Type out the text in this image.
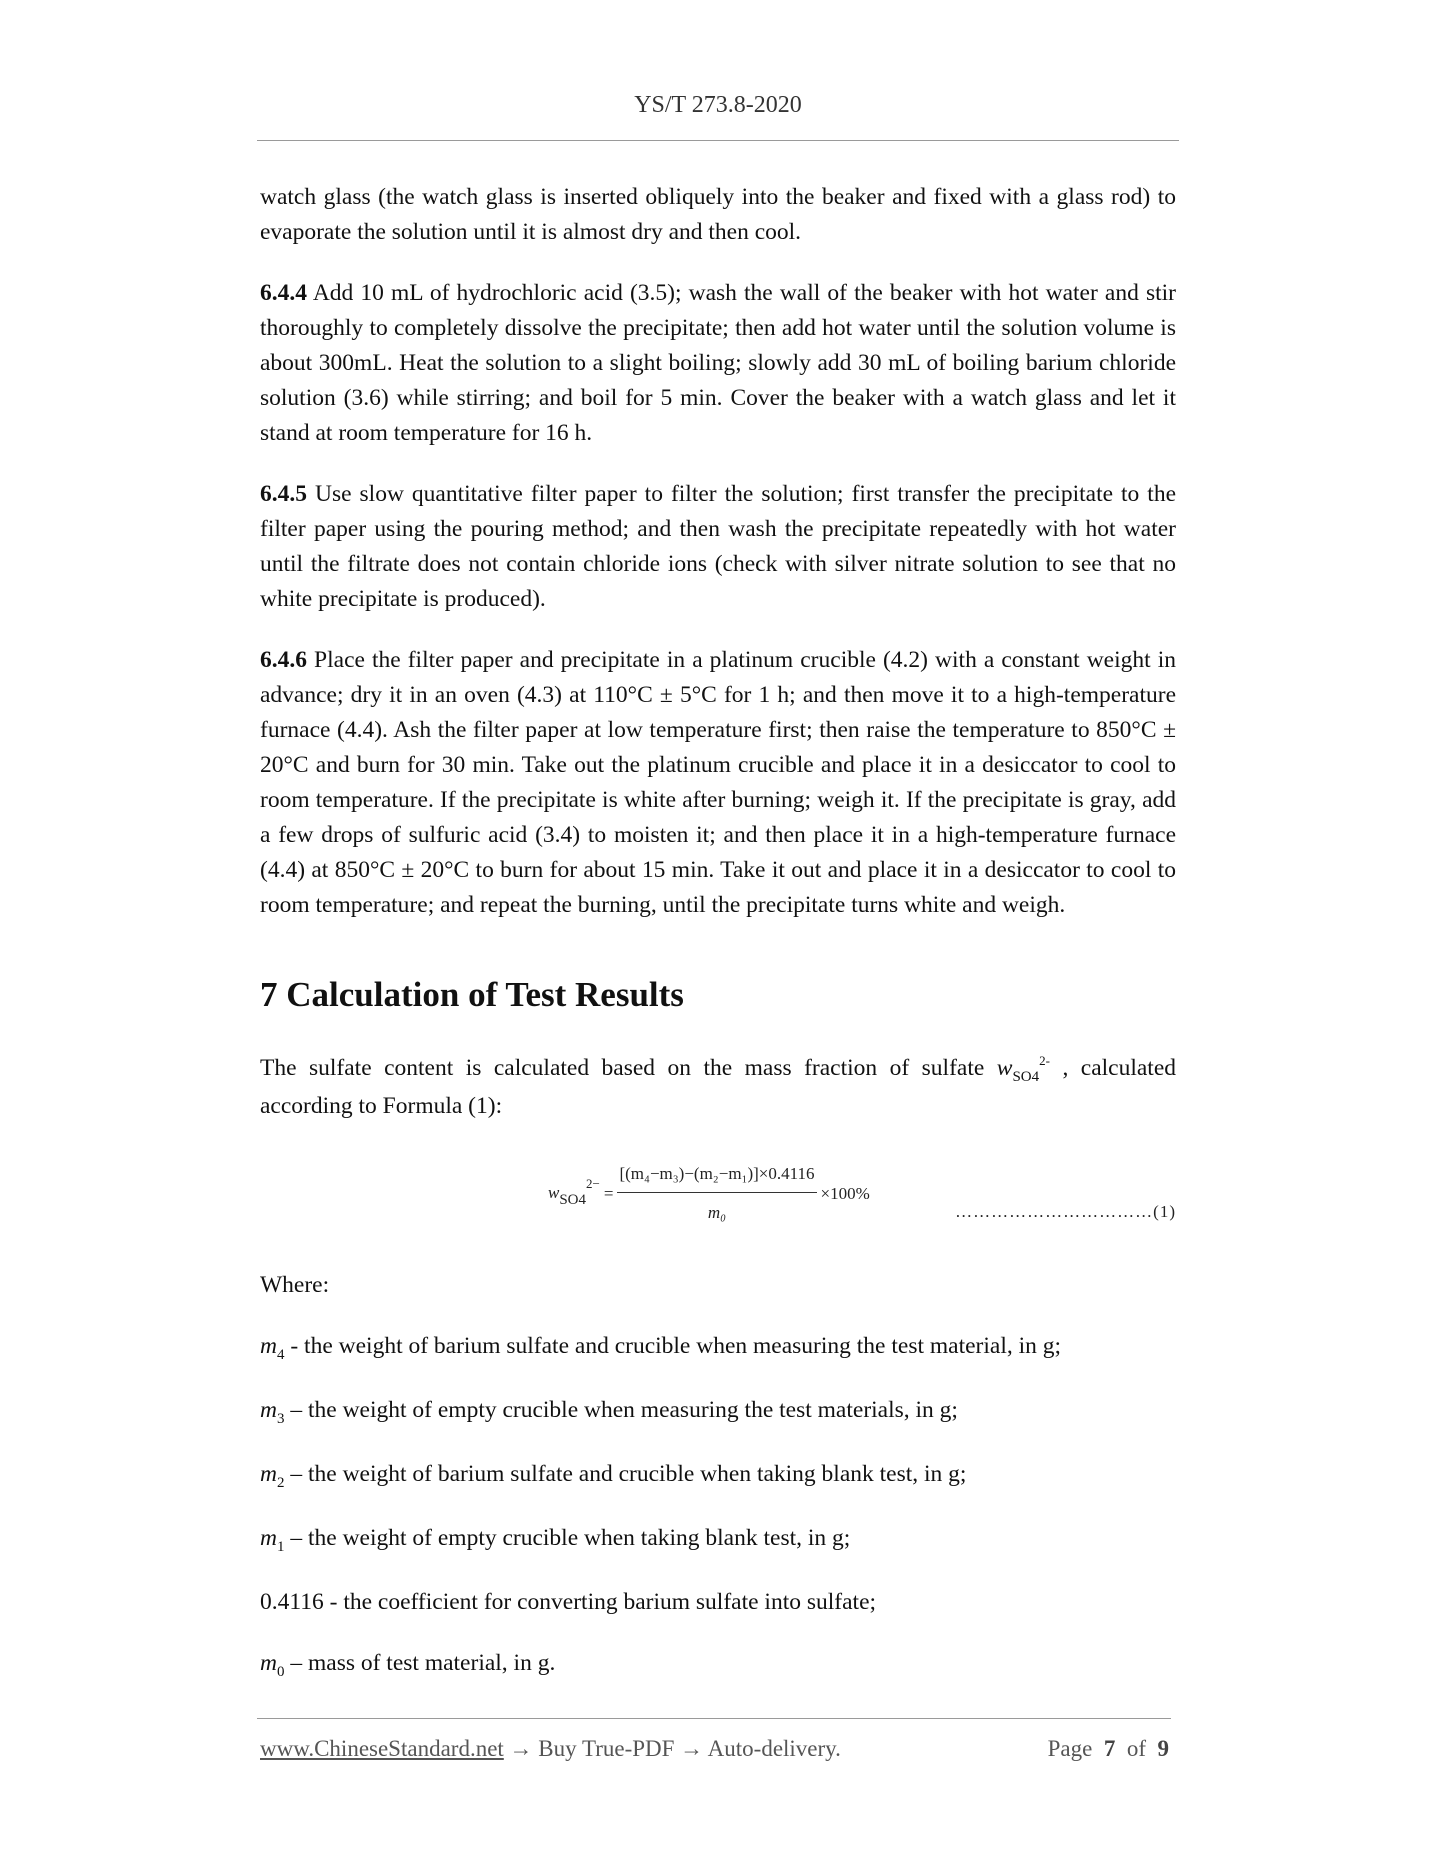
YS/T 273.8-2020

watch glass (the watch glass is inserted obliquely into the beaker and fixed with a glass rod) to evaporate the solution until it is almost dry and then cool.

6.4.4 Add 10 mL of hydrochloric acid (3.5); wash the wall of the beaker with hot water and stir thoroughly to completely dissolve the precipitate; then add hot water until the solution volume is about 300mL. Heat the solution to a slight boiling; slowly add 30 mL of boiling barium chloride solution (3.6) while stirring; and boil for 5 min. Cover the beaker with a watch glass and let it stand at room temperature for 16 h.

6.4.5 Use slow quantitative filter paper to filter the solution; first transfer the precipitate to the filter paper using the pouring method; and then wash the precipitate repeatedly with hot water until the filtrate does not contain chloride ions (check with silver nitrate solution to see that no white precipitate is produced).

6.4.6 Place the filter paper and precipitate in a platinum crucible (4.2) with a constant weight in advance; dry it in an oven (4.3) at 110°C ± 5°C for 1 h; and then move it to a high-temperature furnace (4.4). Ash the filter paper at low temperature first; then raise the temperature to 850°C ± 20°C and burn for 30 min. Take out the platinum crucible and place it in a desiccator to cool to room temperature. If the precipitate is white after burning; weigh it. If the precipitate is gray, add a few drops of sulfuric acid (3.4) to moisten it; and then place it in a high-temperature furnace (4.4) at 850°C ± 20°C to burn for about 15 min. Take it out and place it in a desiccator to cool to room temperature; and repeat the burning, until the precipitate turns white and weigh.

7 Calculation of Test Results

The sulfate content is calculated based on the mass fraction of sulfate $w_{SO4}^{2-}$ , calculated according to Formula (1):

$wSO4^{2-}$
= $\frac{\text{[(m₄−m₃)−(m₂−m₁)]×0.4116}}{\text{m₀}} \times 100\%$
……………………………(1)

Where:

$m_4$ - the weight of barium sulfate and crucible when measuring the test material, in g;

$m_3$ – the weight of empty crucible when measuring the test materials, in g;

$m_2$ – the weight of barium sulfate and crucible when taking blank test, in g;

$m_1$ – the weight of empty crucible when taking blank test, in g;

0.4116 - the coefficient for converting barium sulfate into sulfate;

$m_0$ – mass of test material, in g.

www.ChineseStandard.net → Buy True-PDF → Auto-delivery.	Page 7 of 9
